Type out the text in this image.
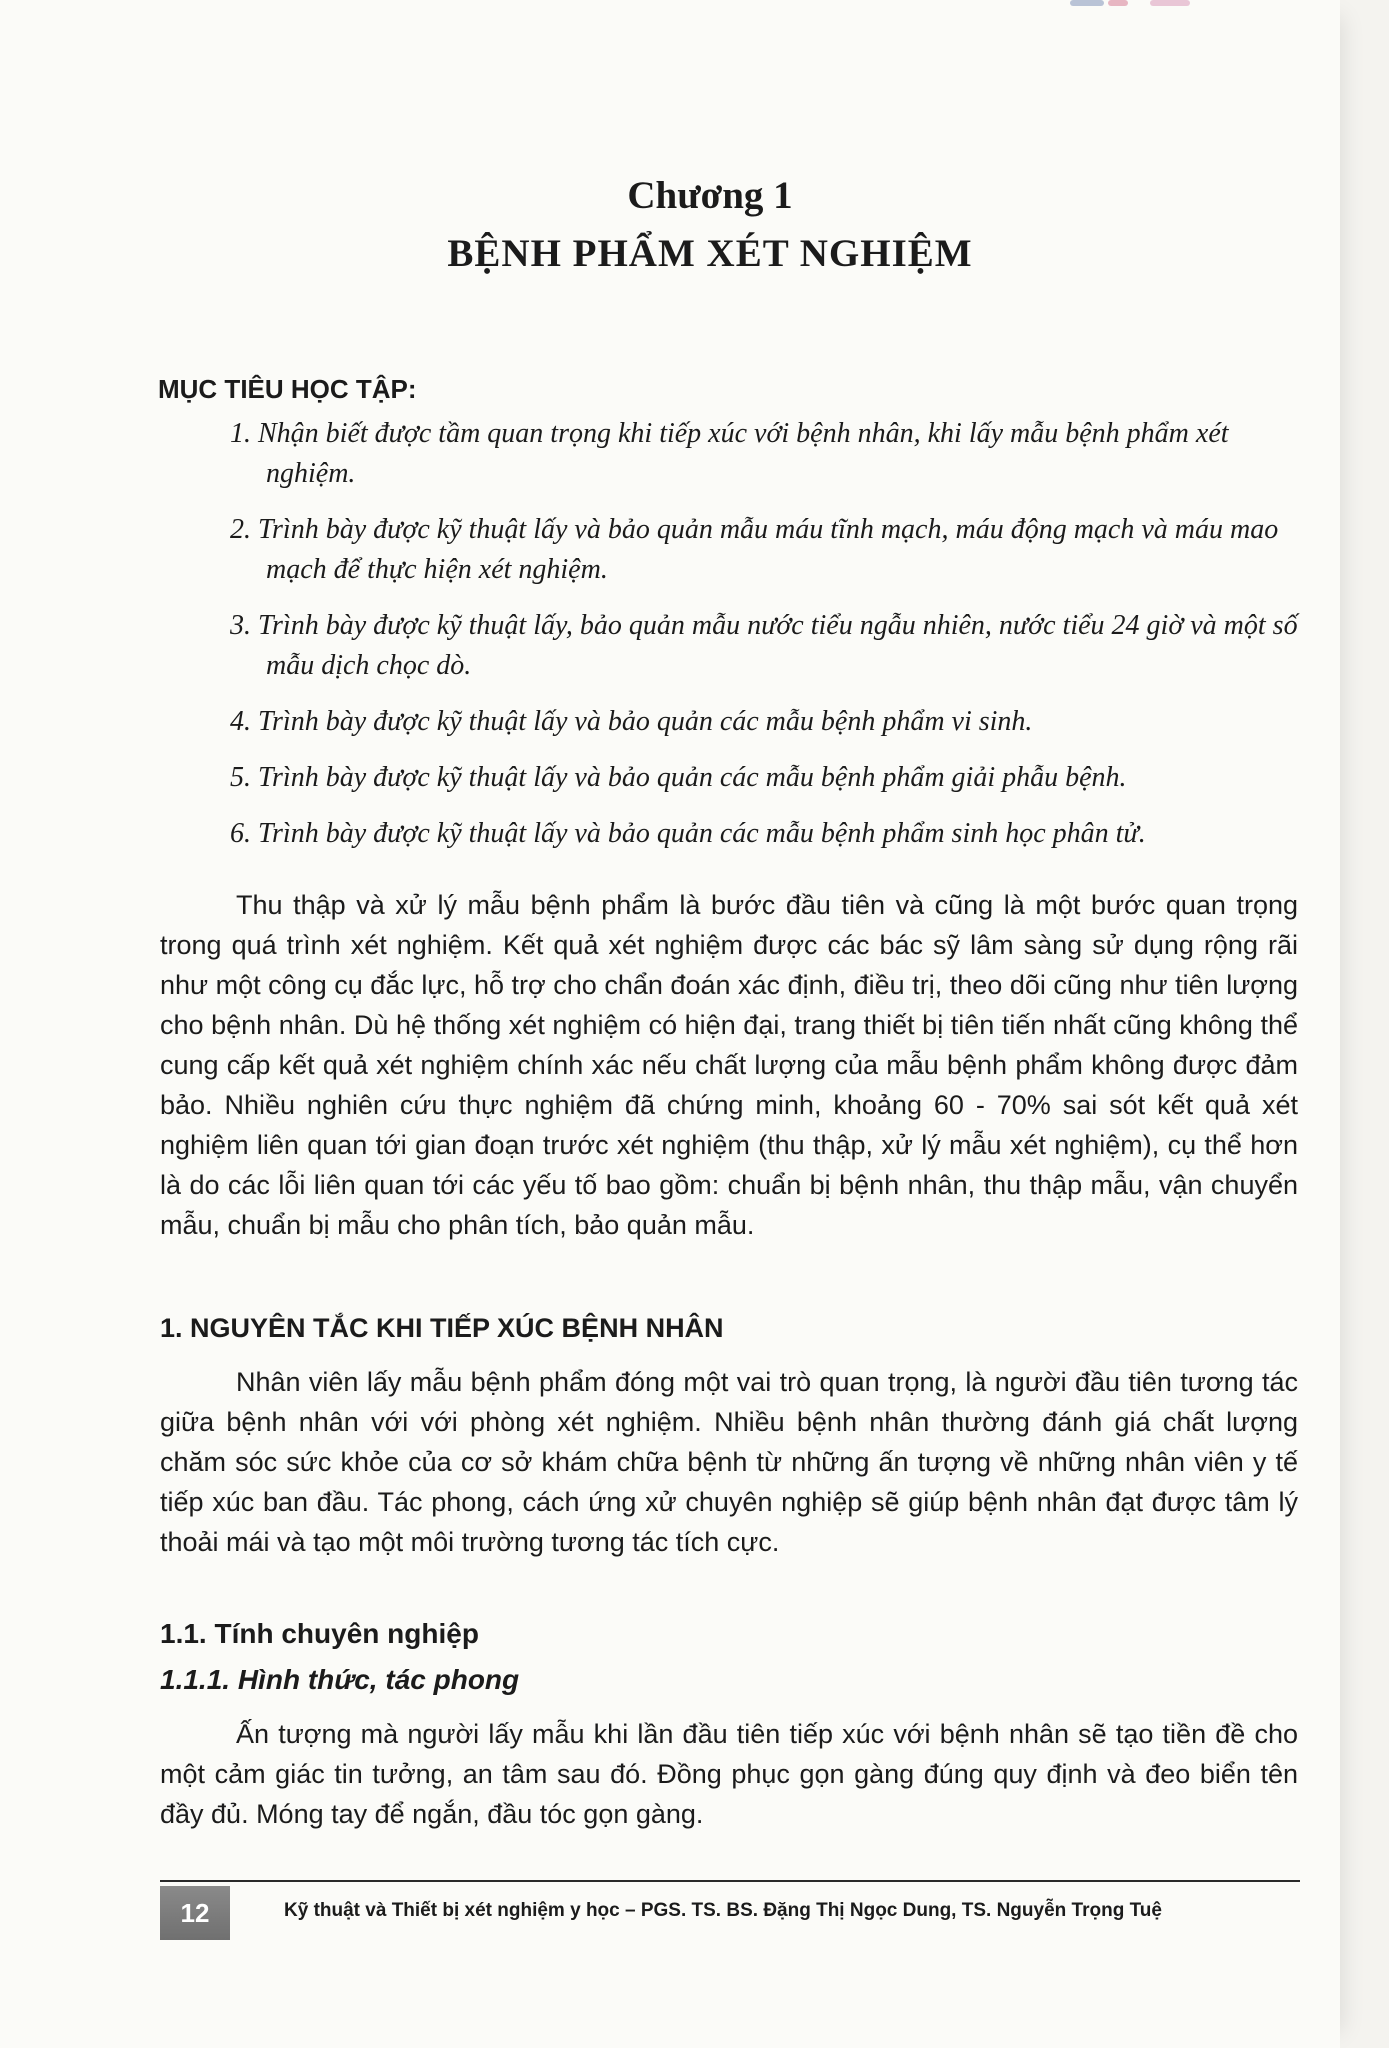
Chương 1
BỆNH PHẨM XÉT NGHIỆM
MỤC TIÊU HỌC TẬP:
1. Nhận biết được tầm quan trọng khi tiếp xúc với bệnh nhân, khi lấy mẫu bệnh phẩm xét nghiệm.
2. Trình bày được kỹ thuật lấy và bảo quản mẫu máu tĩnh mạch, máu động mạch và máu mao mạch để thực hiện xét nghiệm.
3. Trình bày được kỹ thuật lấy, bảo quản mẫu nước tiểu ngẫu nhiên, nước tiểu 24 giờ và một số mẫu dịch chọc dò.
4. Trình bày được kỹ thuật lấy và bảo quản các mẫu bệnh phẩm vi sinh.
5. Trình bày được kỹ thuật lấy và bảo quản các mẫu bệnh phẩm giải phẫu bệnh.
6. Trình bày được kỹ thuật lấy và bảo quản các mẫu bệnh phẩm sinh học phân tử.

Thu thập và xử lý mẫu bệnh phẩm là bước đầu tiên và cũng là một bước quan trọng trong quá trình xét nghiệm. Kết quả xét nghiệm được các bác sỹ lâm sàng sử dụng rộng rãi như một công cụ đắc lực, hỗ trợ cho chẩn đoán xác định, điều trị, theo dõi cũng như tiên lượng cho bệnh nhân. Dù hệ thống xét nghiệm có hiện đại, trang thiết bị tiên tiến nhất cũng không thể cung cấp kết quả xét nghiệm chính xác nếu chất lượng của mẫu bệnh phẩm không được đảm bảo. Nhiều nghiên cứu thực nghiệm đã chứng minh, khoảng 60 - 70% sai sót kết quả xét nghiệm liên quan tới gian đoạn trước xét nghiệm (thu thập, xử lý mẫu xét nghiệm), cụ thể hơn là do các lỗi liên quan tới các yếu tố bao gồm: chuẩn bị bệnh nhân, thu thập mẫu, vận chuyển mẫu, chuẩn bị mẫu cho phân tích, bảo quản mẫu.

1. NGUYÊN TẮC KHI TIẾP XÚC BỆNH NHÂN

Nhân viên lấy mẫu bệnh phẩm đóng một vai trò quan trọng, là người đầu tiên tương tác giữa bệnh nhân với với phòng xét nghiệm. Nhiều bệnh nhân thường đánh giá chất lượng chăm sóc sức khỏe của cơ sở khám chữa bệnh từ những ấn tượng về những nhân viên y tế tiếp xúc ban đầu. Tác phong, cách ứng xử chuyên nghiệp sẽ giúp bệnh nhân đạt được tâm lý thoải mái và tạo một môi trường tương tác tích cực.

1.1. Tính chuyên nghiệp
1.1.1. Hình thức, tác phong

Ấn tượng mà người lấy mẫu khi lần đầu tiên tiếp xúc với bệnh nhân sẽ tạo tiền đề cho một cảm giác tin tưởng, an tâm sau đó. Đồng phục gọn gàng đúng quy định và đeo biển tên đầy đủ. Móng tay để ngắn, đầu tóc gọn gàng.

12	Kỹ thuật và Thiết bị xét nghiệm y học – PGS. TS. BS. Đặng Thị Ngọc Dung, TS. Nguyễn Trọng Tuệ
